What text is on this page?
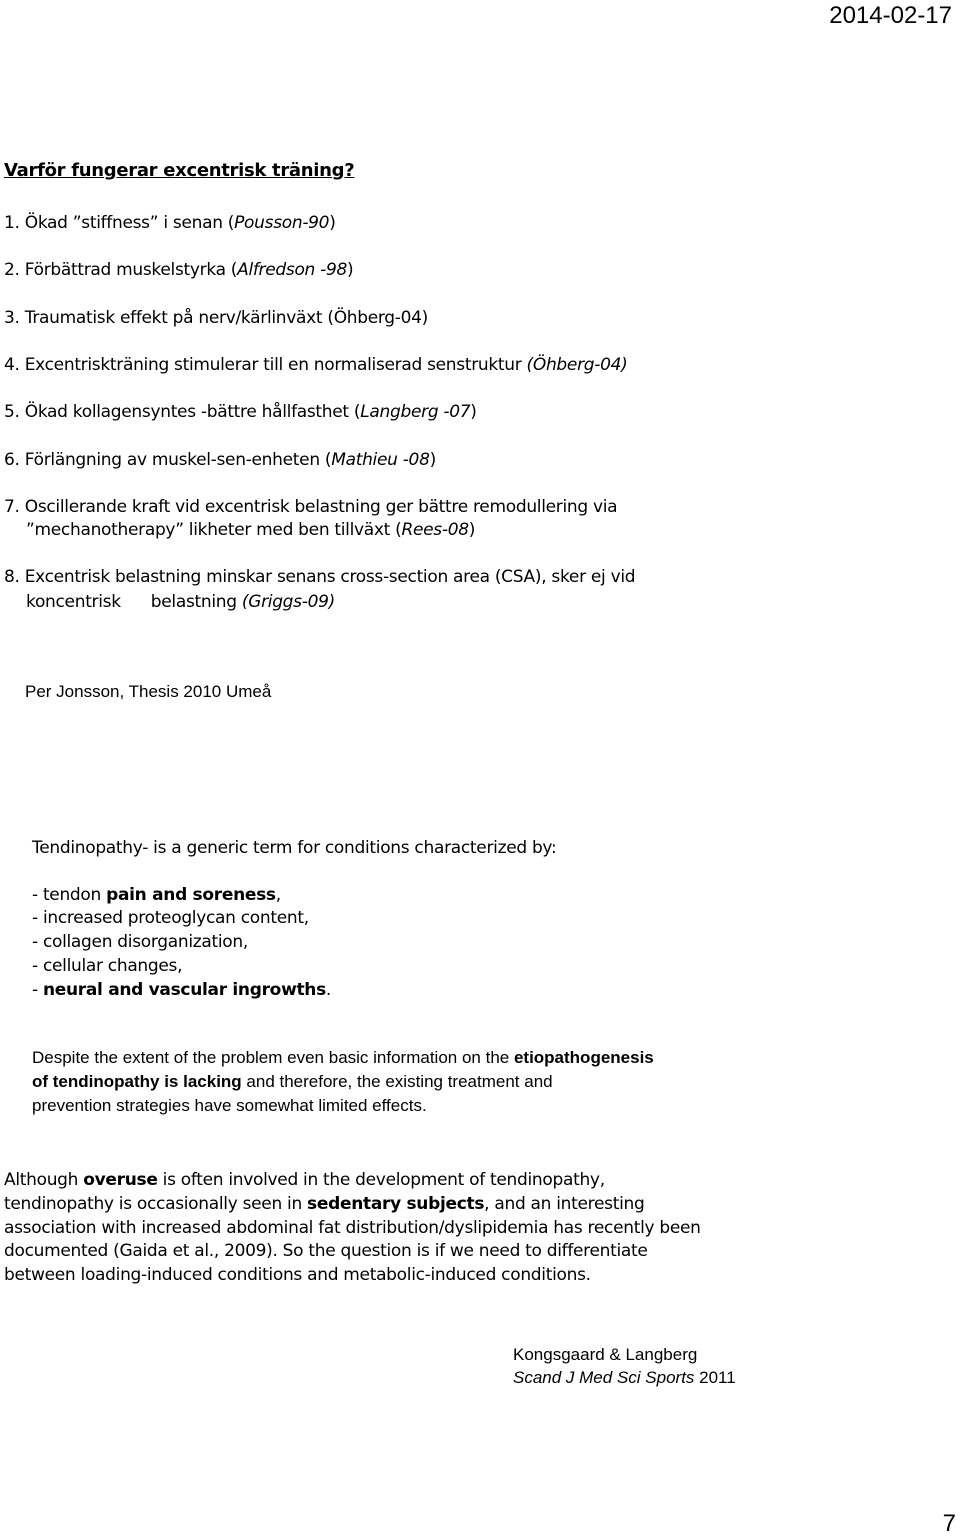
2014-02-17
Varför fungerar excentrisk träning?
1. Ökad ”stiffness” i senan (Pousson-90)
2. Förbättrad muskelstyrka (Alfredson -98)
3. Traumatisk effekt på nerv/kärlinväxt (Öhberg-04)
4. Excentriskträning stimulerar till en normaliserad senstruktur (Öhberg-04)
5. Ökad kollagensyntes -bättre hållfasthet (Langberg -07)
6. Förlängning av muskel-sen-enheten (Mathieu -08)
7. Oscillerande kraft vid excentrisk belastning ger bättre remodullering via
”mechanotherapy” likheter med ben tillväxt (Rees-08)
8. Excentrisk belastning minskar senans cross-section area (CSA), sker ej vid
koncentrisk belastning (Griggs-09)
Per Jonsson, Thesis 2010 Umeå
Tendinopathy- is a generic term for conditions characterized by:
- tendon pain and soreness,
- increased proteoglycan content,
- collagen disorganization,
- cellular changes,
- neural and vascular ingrowths.
Despite the extent of the problem even basic information on the etiopathogenesis
of tendinopathy is lacking and therefore, the existing treatment and
prevention strategies have somewhat limited effects.
Although overuse is often involved in the development of tendinopathy,
tendinopathy is occasionally seen in sedentary subjects, and an interesting
association with increased abdominal fat distribution/dyslipidemia has recently been
documented (Gaida et al., 2009). So the question is if we need to differentiate
between loading-induced conditions and metabolic-induced conditions.
Kongsgaard & Langberg
Scand J Med Sci Sports 2011
7
